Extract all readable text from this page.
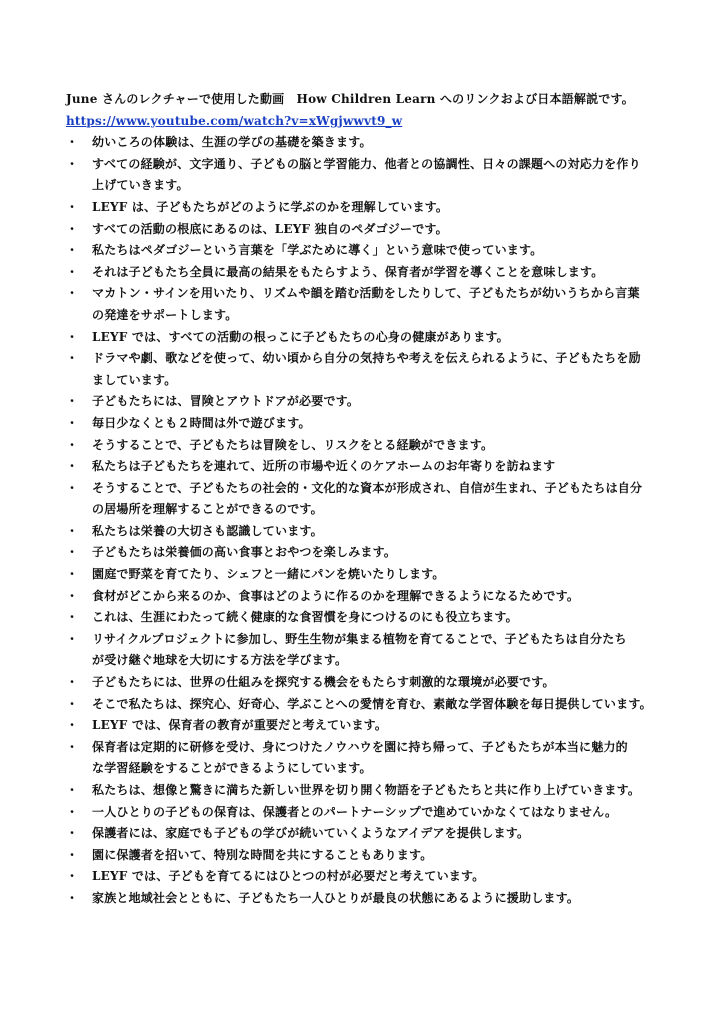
June さんのレクチャーで使用した動画　How Children Learn へのリンクおよび日本語解説です。
https://www.youtube.com/watch?v=xWgjwwvt9_w
・ 幼いころの体験は、生涯の学びの基礎を築きます。
・ すべての経験が、文字通り、子どもの脳と学習能力、他者との協調性、日々の課題への対応力を作り
上げていきます。
・ LEYF は、子どもたちがどのように学ぶのかを理解しています。
・ すべての活動の根底にあるのは、LEYF 独自のペダゴジーです。
・ 私たちはペダゴジーという言葉を「学ぶために導く」という意味で使っています。
・ それは子どもたち全員に最高の結果をもたらすよう、保育者が学習を導くことを意味します。
・ マカトン・サインを用いたり、リズムや韻を踏む活動をしたりして、子どもたちが幼いうちから言葉
の発達をサポートします。
・ LEYF では、すべての活動の根っこに子どもたちの心身の健康があります。
・ ドラマや劇、歌などを使って、幼い頃から自分の気持ちや考えを伝えられるように、子どもたちを励
ましています。
・ 子どもたちには、冒険とアウトドアが必要です。
・ 毎日少なくとも２時間は外で遊びます。
・ そうすることで、子どもたちは冒険をし、リスクをとる経験ができます。
・ 私たちは子どもたちを連れて、近所の市場や近くのケアホームのお年寄りを訪ねます
・ そうすることで、子どもたちの社会的・文化的な資本が形成され、自信が生まれ、子どもたちは自分
の居場所を理解することができるのです。
・ 私たちは栄養の大切さも認識しています。
・ 子どもたちは栄養価の高い食事とおやつを楽しみます。
・ 園庭で野菜を育てたり、シェフと一緒にパンを焼いたりします。
・ 食材がどこから来るのか、食事はどのように作るのかを理解できるようになるためです。
・ これは、生涯にわたって続く健康的な食習慣を身につけるのにも役立ちます。
・ リサイクルプロジェクトに参加し、野生生物が集まる植物を育てることで、子どもたちは自分たち
が受け継ぐ地球を大切にする方法を学びます。
・ 子どもたちには、世界の仕組みを探究する機会をもたらす刺激的な環境が必要です。
・ そこで私たちは、探究心、好奇心、学ぶことへの愛情を育む、素敵な学習体験を毎日提供しています。
・ LEYF では、保育者の教育が重要だと考えています。
・ 保育者は定期的に研修を受け、身につけたノウハウを園に持ち帰って、子どもたちが本当に魅力的
な学習経験をすることができるようにしています。
・ 私たちは、想像と驚きに満ちた新しい世界を切り開く物語を子どもたちと共に作り上げていきます。
・ 一人ひとりの子どもの保育は、保護者とのパートナーシップで進めていかなくてはなりません。
・ 保護者には、家庭でも子どもの学びが続いていくようなアイデアを提供します。
・ 園に保護者を招いて、特別な時間を共にすることもあります。
・ LEYF では、子どもを育てるにはひとつの村が必要だと考えています。
・ 家族と地域社会とともに、子どもたち一人ひとりが最良の状態にあるように援助します。
